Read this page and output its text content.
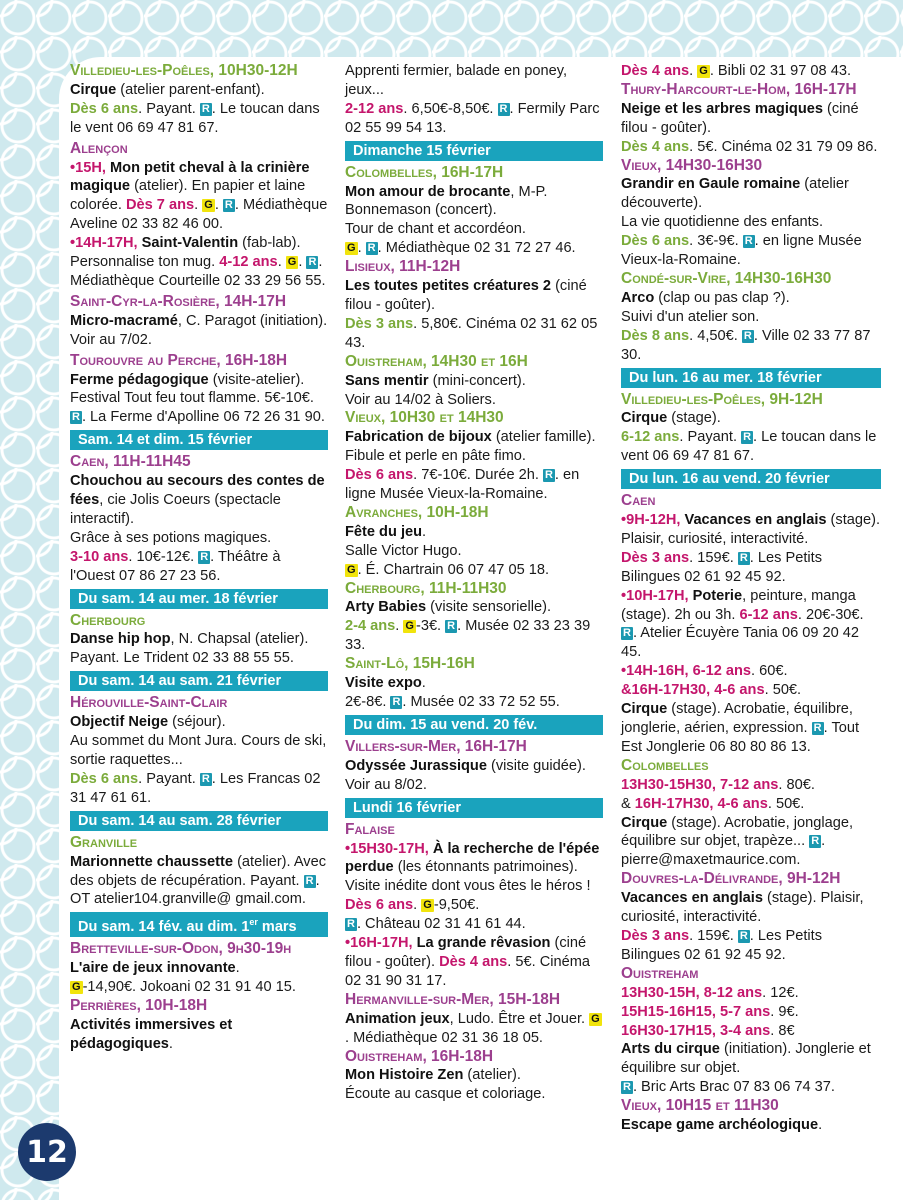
Villedieu-les-Poêles, 10H30-12H
Cirque (atelier parent-enfant).
Dès 6 ans. Payant. R . Le toucan dans le vent 06 69 47 81 67.
Alençon
•15H, Mon petit cheval à la crinière magique (atelier). En papier et laine colorée. Dès 7 ans. G . R . Médiathèque Aveline 02 33 82 46 00.
•14H-17H, Saint-Valentin (fab-lab). Personnalise ton mug. 4-12 ans. G . R . Médiathèque Courteille 02 33 29 56 55.
Saint-Cyr-la-Rosière, 14H-17H
Micro-macramé, C. Paragot (initiation). Voir au 7/02.
Tourouvre au Perche, 16H-18H
Ferme pédagogique (visite-atelier). Festival Tout feu tout flamme. 5€-10€. R . La Ferme d'Apolline 06 72 26 31 90.
Sam. 14 et dim. 15 février
Caen, 11H-11H45
Chouchou au secours des contes de fées, cie Jolis Coeurs (spectacle interactif).
Grâce à ses potions magiques.
3-10 ans. 10€-12€. R . Théâtre à l'Ouest 07 86 27 23 56.
Du sam. 14 au mer. 18 février
Cherbourg
Danse hip hop, N. Chapsal (atelier). Payant. Le Trident 02 33 88 55 55.
Du sam. 14 au sam. 21 février
Hérouville-Saint-Clair
Objectif Neige (séjour).
Au sommet du Mont Jura. Cours de ski, sortie raquettes...
Dès 6 ans. Payant. R . Les Francas 02 31 47 61 61.
Du sam. 14 au sam. 28 février
Granville
Marionnette chaussette (atelier). Avec des objets de récupération. Payant. R . OT atelier104.granville@ gmail.com.
Du sam. 14 fév. au dim. 1er mars
Bretteville-sur-Odon, 9h30-19h
L'aire de jeux innovante.
G -14,90€. Jokoani 02 31 91 40 15.
Perrières, 10H-18H
Activités immersives et pédagogiques.
Apprenti fermier, balade en poney, jeux...
2-12 ans. 6,50€-8,50€. R . Fermily Parc 02 55 99 54 13.
Dimanche 15 février
Colombelles, 16H-17H
Mon amour de brocante, M-P. Bonnemason (concert).
Tour de chant et accordéon.
G . R . Médiathèque 02 31 72 27 46.
Lisieux, 11H-12H
Les toutes petites créatures 2 (ciné filou - goûter).
Dès 3 ans. 5,80€. Cinéma 02 31 62 05 43.
Ouistreham, 14H30 et 16H
Sans mentir (mini-concert).
Voir au 14/02 à Soliers.
Vieux, 10H30 et 14H30
Fabrication de bijoux (atelier famille). Fibule et perle en pâte fimo.
Dès 6 ans. 7€-10€. Durée 2h. R . en ligne Musée Vieux-la-Romaine.
Avranches, 10H-18H
Fête du jeu.
Salle Victor Hugo.
G . É. Chartrain 06 07 47 05 18.
Cherbourg, 11H-11H30
Arty Babies (visite sensorielle).
2-4 ans. G -3€. R . Musée 02 33 23 39 33.
Saint-Lô, 15H-16H
Visite expo.
2€-8€. R . Musée 02 33 72 52 55.
Du dim. 15 au vend. 20 fév.
Villers-sur-Mer, 16H-17H
Odyssée Jurassique (visite guidée). Voir au 8/02.
Lundi 16 février
Falaise
•15H30-17H, À la recherche de l'épée perdue (les étonnants patrimoines). Visite inédite dont vous êtes le héros ! Dès 6 ans. G -9,50€.
R . Château 02 31 41 61 44.
•16H-17H, La grande rêvasion (ciné filou - goûter). Dès 4 ans. 5€. Cinéma 02 31 90 31 17.
Hermanville-sur-Mer, 15H-18H
Animation jeux, Ludo. Être et Jouer. G. Médiathèque 02 31 36 18 05.
Ouistreham, 16H-18H
Mon Histoire Zen (atelier).
Écoute au casque et coloriage.
Dès 4 ans. G . Bibli 02 31 97 08 43.
Thury-Harcourt-le-Hom, 16H-17H
Neige et les arbres magiques (ciné filou - goûter).
Dès 4 ans. 5€. Cinéma 02 31 79 09 86.
Vieux, 14H30-16H30
Grandir en Gaule romaine (atelier découverte).
La vie quotidienne des enfants.
Dès 6 ans. 3€-9€. R . en ligne Musée Vieux-la-Romaine.
Condé-sur-Vire, 14H30-16H30
Arco (clap ou pas clap ?).
Suivi d'un atelier son.
Dès 8 ans. 4,50€. R . Ville 02 33 77 87 30.
Du lun. 16 au mer. 18 février
Villedieu-les-Poêles, 9H-12H
Cirque (stage).
6-12 ans. Payant. R . Le toucan dans le vent 06 69 47 81 67.
Du lun. 16 au vend. 20 février
Caen
•9H-12H, Vacances en anglais (stage). Plaisir, curiosité, interactivité.
Dès 3 ans. 159€. R . Les Petits Bilingues 02 61 92 45 92.
•10H-17H, Poterie, peinture, manga (stage). 2h ou 3h. 6-12 ans. 20€-30€.
R . Atelier Écuyère Tania 06 09 20 42 45.
•14H-16H, 6-12 ans. 60€.
&16H-17H30, 4-6 ans. 50€.
Cirque (stage). Acrobatie, équilibre, jonglerie, aérien, expression. R . Tout Est Jonglerie 06 80 80 86 13.
Colombelles
13H30-15H30, 7-12 ans. 80€.
& 16H-17H30, 4-6 ans. 50€.
Cirque (stage). Acrobatie, jonglage, équilibre sur objet, trapèze... R . pierre@maxetmaurice.com.
Douvres-la-Délivrande, 9H-12H
Vacances en anglais (stage). Plaisir, curiosité, interactivité.
Dès 3 ans. 159€. R . Les Petits Bilingues 02 61 92 45 92.
Ouistreham
13H30-15H, 8-12 ans. 12€.
15H15-16H15, 5-7 ans. 9€.
16H30-17H15, 3-4 ans. 8€
Arts du cirque (initiation). Jonglerie et équilibre sur objet.
R . Bric Arts Brac 07 83 06 74 37.
Vieux, 10H15 et 11H30
Escape game archéologique.
12
